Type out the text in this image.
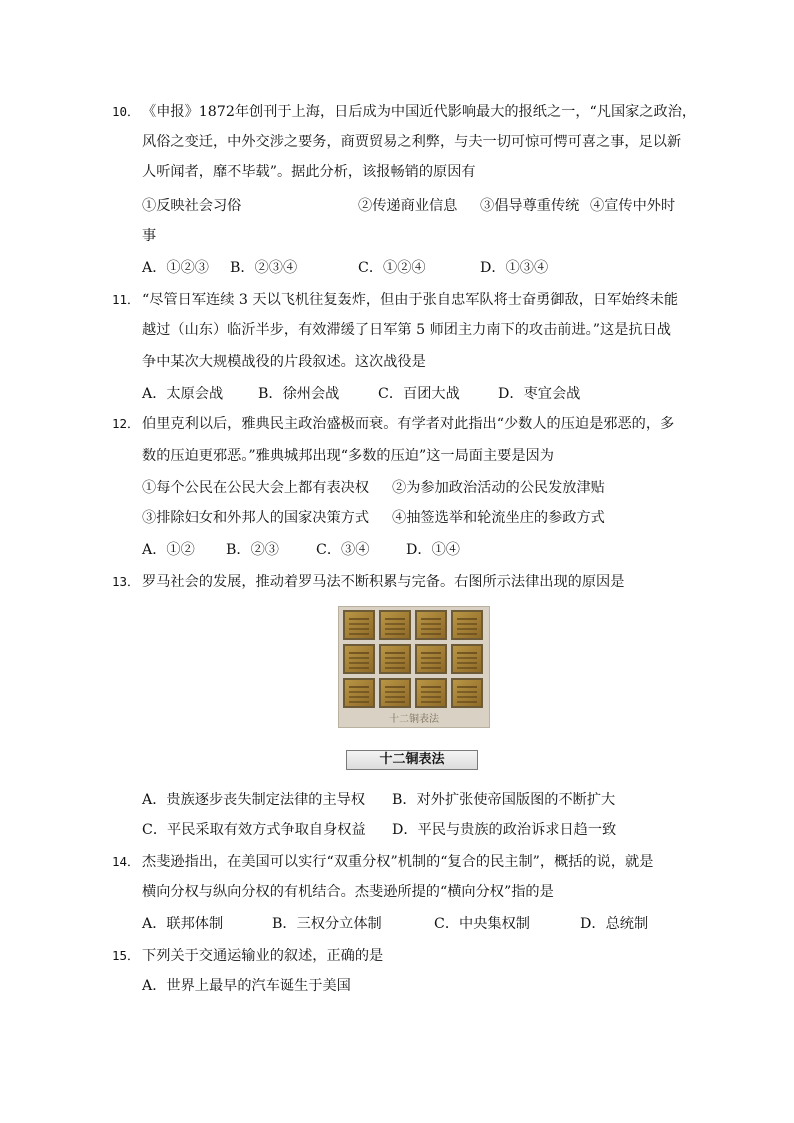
10． 《申报》1872年创刊于上海，日后成为中国近代影响最大的报纸之一，“凡国家之政治，
风俗之变迁，中外交涉之要务，商贾贸易之利弊，与夫一切可惊可愕可喜之事，足以新
人听闻者，靡不毕载”。据此分析，该报畅销的原因有
①反映社会习俗	②传递商业信息 ③倡导尊重传统 ④宣传中外时
事
A．①②③ B．②③④	C．①②④	D．①③④
11． “尽管日军连续 3 天以飞机往复轰炸，但由于张自忠军队将士奋勇御敌，日军始终未能
越过（山东）临沂半步，有效滞缓了日军第 5 师团主力南下的攻击前进。”这是抗日战
争中某次大规模战役的片段叙述。这次战役是
A．太原会战 B．徐州会战	C．百团大战	D．枣宜会战
12． 伯里克利以后，雅典民主政治盛极而衰。有学者对此指出“少数人的压迫是邪恶的，多
数的压迫更邪恶。”雅典城邦出现“多数的压迫”这一局面主要是因为
①每个公民在公民大会上都有表决权 ②为参加政治活动的公民发放津贴
③排除妇女和外邦人的国家决策方式 ④抽签选举和轮流坐庄的参政方式
A．①② B．②③	C．③④	D．①④
13． 罗马社会的发展，推动着罗马法不断积累与完备。右图所示法律出现的原因是
十二铜表法
十二铜表法
A．贵族逐步丧失制定法律的主导权 B．对外扩张使帝国版图的不断扩大
C．平民采取有效方式争取自身权益 D．平民与贵族的政治诉求日趋一致
14． 杰斐逊指出，在美国可以实行“双重分权”机制的“复合的民主制”，概括的说，就是
横向分权与纵向分权的有机结合。杰斐逊所提的“横向分权”指的是
A．联邦体制	B．三权分立体制	C．中央集权制	D．总统制
15． 下列关于交通运输业的叙述，正确的是
A．世界上最早的汽车诞生于美国
